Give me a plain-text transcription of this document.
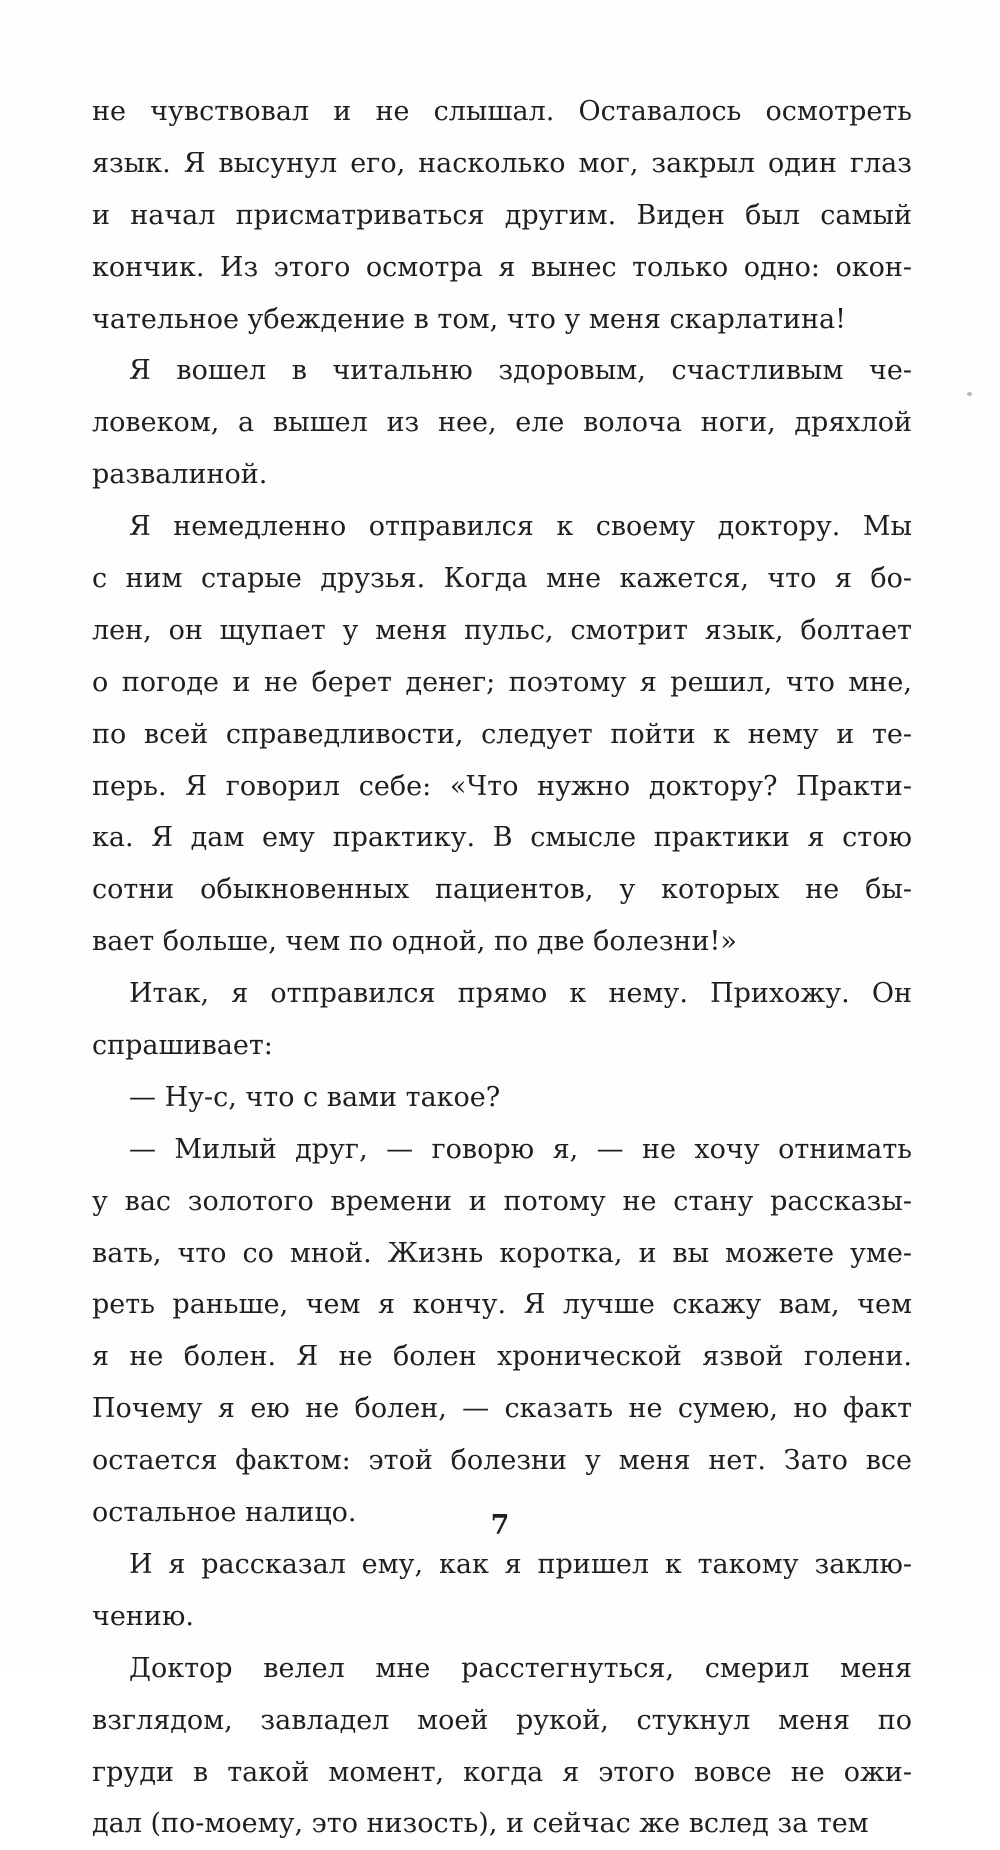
не чувствовал и не слышал. Оставалось осмотреть
язык. Я высунул его, насколько мог, закрыл один глаз
и начал присматриваться другим. Виден был самый
кончик. Из этого осмотра я вынес только одно: окон-
чательное убеждение в том, что у меня скарлатина!
Я вошел в читальню здоровым, счастливым че-
ловеком, а вышел из нее, еле волоча ноги, дряхлой
развалиной.
Я немедленно отправился к своему доктору. Мы
с ним старые друзья. Когда мне кажется, что я бо-
лен, он щупает у меня пульс, смотрит язык, болтает
о погоде и не берет денег; поэтому я решил, что мне,
по всей справедливости, следует пойти к нему и те-
перь. Я говорил себе: «Что нужно доктору? Практи-
ка. Я дам ему практику. В смысле практики я стою
сотни обыкновенных пациентов, у которых не бы-
вает больше, чем по одной, по две болезни!»
Итак, я отправился прямо к нему. Прихожу. Он
спрашивает:
— Ну-с, что с вами такое?
— Милый друг, — говорю я, — не хочу отнимать
у вас золотого времени и потому не стану рассказы-
вать, что со мной. Жизнь коротка, и вы можете уме-
реть раньше, чем я кончу. Я лучше скажу вам, чем
я не болен. Я не болен хронической язвой голени.
Почему я ею не болен, — сказать не сумею, но факт
остается фактом: этой болезни у меня нет. Зато все
остальное налицо.
И я рассказал ему, как я пришел к такому заклю-
чению.
Доктор велел мне расстегнуться, смерил меня
взглядом, завладел моей рукой, стукнул меня по
груди в такой момент, когда я этого вовсе не ожи-
дал (по-моему, это низость), и сейчас же вслед за тем
7
